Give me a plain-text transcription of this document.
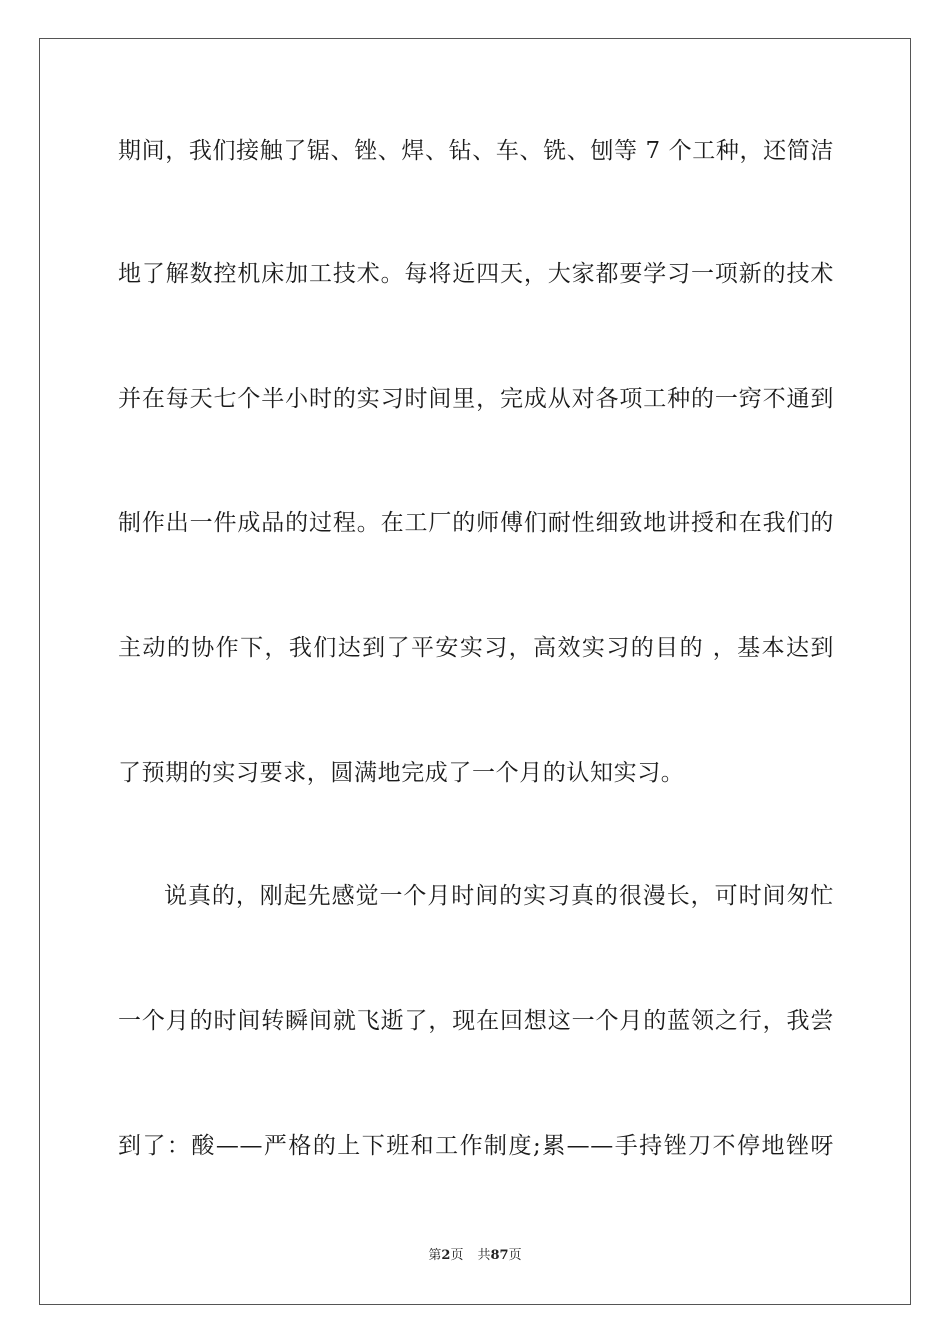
期间，我们接触了锯、锉、焊、钻、车、铣、刨等 7 个工种，还简洁
地了解数控机床加工技术。每将近四天，大家都要学习一项新的技术
并在每天七个半小时的实习时间里，完成从对各项工种的一窍不通到
制作出一件成品的过程。在工厂的师傅们耐性细致地讲授和在我们的
主动的协作下，我们达到了平安实习，高效实习的目的 ，基本达到
了预期的实习要求，圆满地完成了一个月的认知实习。
说真的，刚起先感觉一个月时间的实习真的很漫长，可时间匆忙
一个月的时间转瞬间就飞逝了，现在回想这一个月的蓝领之行，我尝
到了：酸——严格的上下班和工作制度;累——手持锉刀不停地锉呀
第2页 共87页
